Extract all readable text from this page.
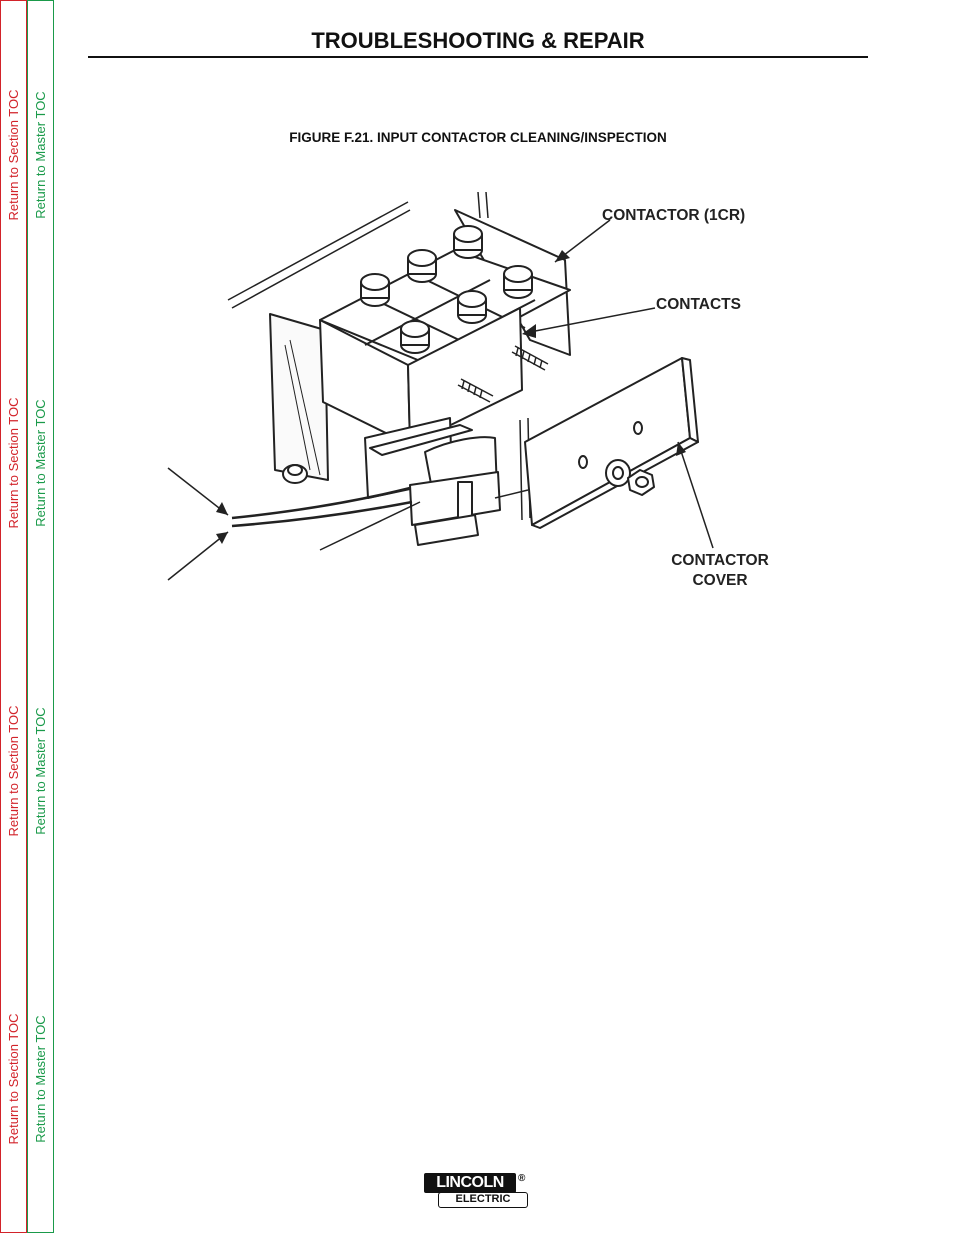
Return to Section TOC
Return to Section TOC
Return to Section TOC
Return to Section TOC
Return to Master TOC
Return to Master TOC
Return to Master TOC
Return to Master TOC
TROUBLESHOOTING & REPAIR
FIGURE F.21. INPUT CONTACTOR CLEANING/INSPECTION
CONTACTOR (1CR)
CONTACTS
CONTACTOR
COVER
LINCOLN	®
ELECTRIC
